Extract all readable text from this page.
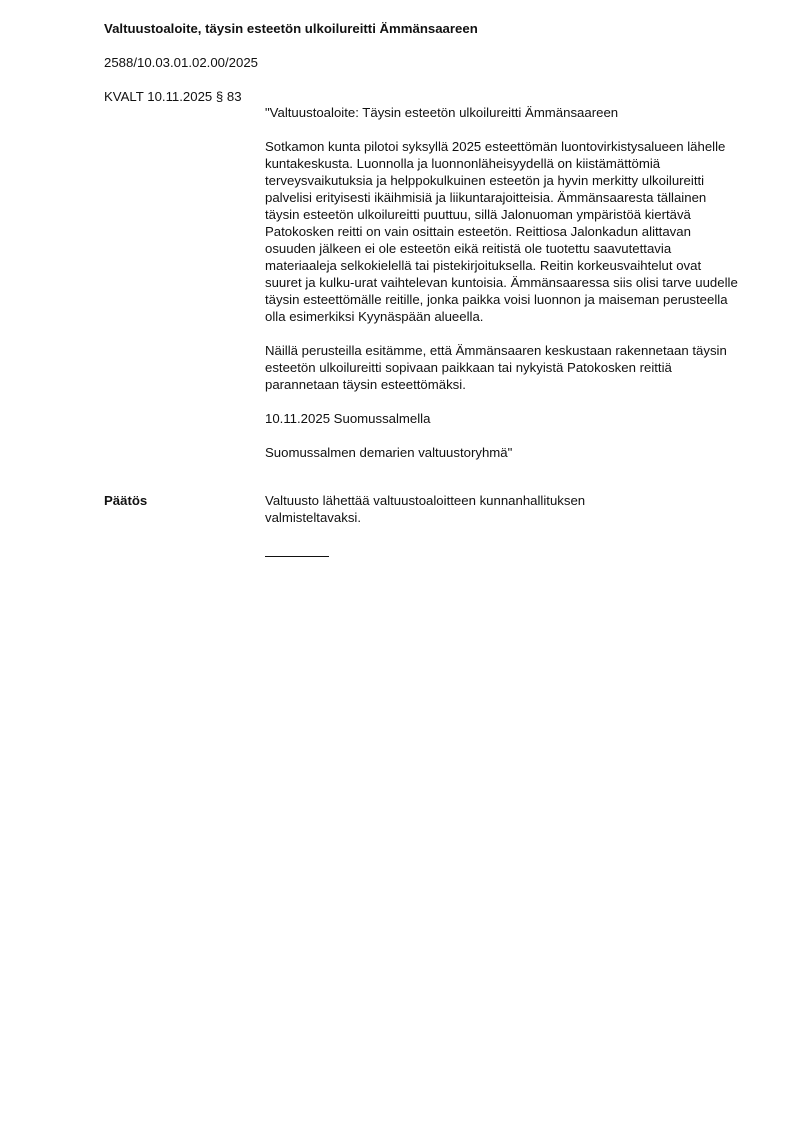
Valtuustoaloite, täysin esteetön ulkoilureitti Ämmänsaareen
2588/10.03.01.02.00/2025
KVALT 10.11.2025 § 83

"Valtuustoaloite: Täysin esteetön ulkoilureitti Ämmänsaareen

Sotkamon kunta pilotoi syksyllä 2025 esteettömän luontovirkistysalueen lähelle kuntakeskusta. Luonnolla ja luonnonläheisyydellä on kiistämättömiä terveysvaikutuksia ja helppokulkuinen esteetön ja hyvin merkitty ulkoilureitti palvelisi erityisesti ikäihmisiä ja liikuntarajoitteisia. Ämmänsaaresta tällainen täysin esteetön ulkoilureitti puuttuu, sillä Jalonuoman ympäristöä kiertävä Patokosken reitti on vain osittain esteetön. Reittiosa Jalonkadun alittavan osuuden jälkeen ei ole esteetön eikä reitistä ole tuotettu saavutettavia materiaaleja selkokielellä tai pistekirjoituksella. Reitin korkeusvaihtelut ovat suuret ja kulku-urat vaihtelevan kuntoisia. Ämmänsaaressa siis olisi tarve uudelle täysin esteettömälle reitille, jonka paikka voisi luonnon ja maiseman perusteella olla esimerkiksi Kyynäspään alueella.

Näillä perusteilla esitämme, että Ämmänsaaren keskustaan rakennetaan täysin esteetön ulkoilureitti sopivaan paikkaan tai nykyistä Patokosken reittiä parannetaan täysin esteettömäksi.

10.11.2025 Suomussalmella

Suomussalmen demarien valtuustoryhmä"

Päätös	Valtuusto lähettää valtuustoaloitteen kunnanhallituksen valmisteltavaksi.
